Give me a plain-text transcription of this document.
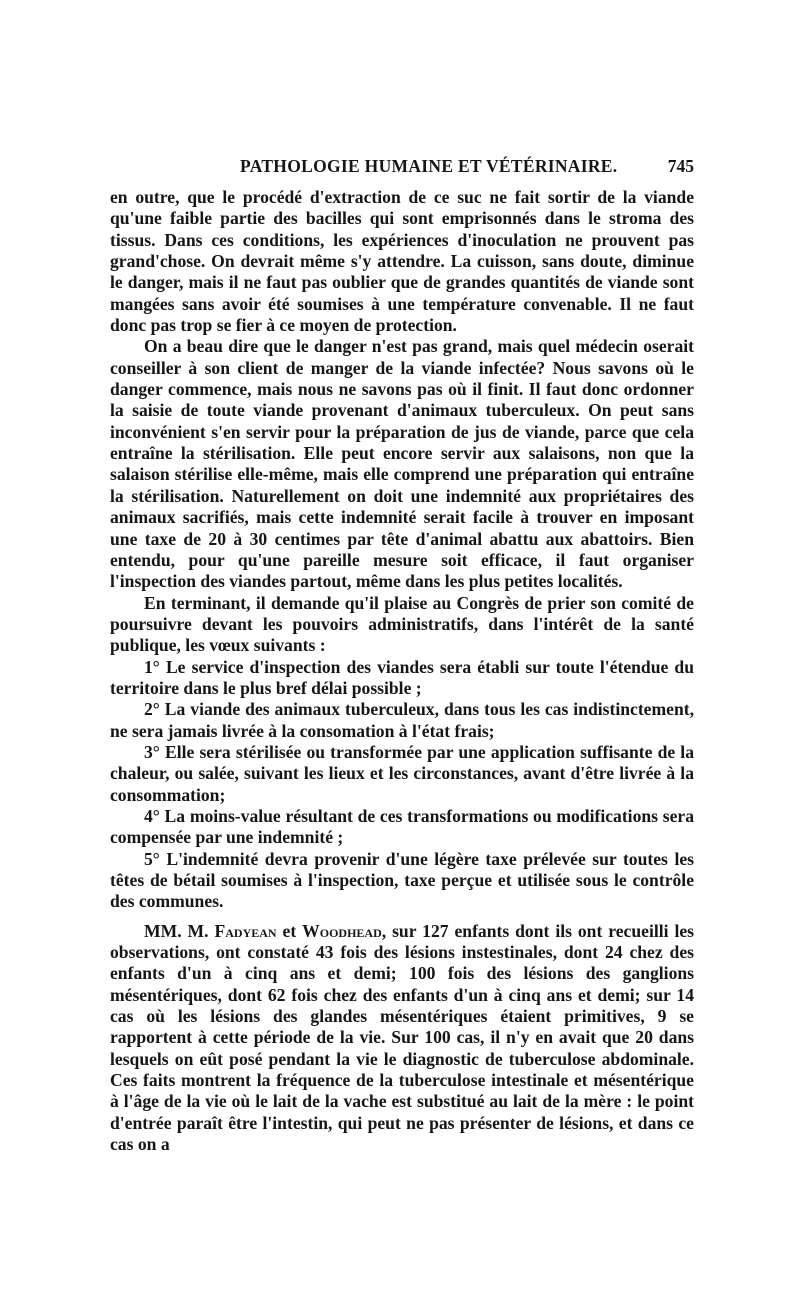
PATHOLOGIE HUMAINE ET VÉTÉRINAIRE.	745

en outre, que le procédé d'extraction de ce suc ne fait sortir de la viande qu'une faible partie des bacilles qui sont emprisonnés dans le stroma des tissus. Dans ces conditions, les expériences d'inoculation ne prouvent pas grand'chose. On devrait même s'y attendre. La cuisson, sans doute, diminue le danger, mais il ne faut pas oublier que de grandes quantités de viande sont mangées sans avoir été soumises à une température convenable. Il ne faut donc pas trop se fier à ce moyen de protection.

On a beau dire que le danger n'est pas grand, mais quel médecin oserait conseiller à son client de manger de la viande infectée? Nous savons où le danger commence, mais nous ne savons pas où il finit. Il faut donc ordonner la saisie de toute viande provenant d'animaux tuberculeux. On peut sans inconvénient s'en servir pour la préparation de jus de viande, parce que cela entraîne la stérilisation. Elle peut encore servir aux salaisons, non que la salaison stérilise elle-même, mais elle comprend une préparation qui entraîne la stérilisation. Naturellement on doit une indemnité aux propriétaires des animaux sacrifiés, mais cette indemnité serait facile à trouver en imposant une taxe de 20 à 30 centimes par tête d'animal abattu aux abattoirs. Bien entendu, pour qu'une pareille mesure soit efficace, il faut organiser l'inspection des viandes partout, même dans les plus petites localités.

En terminant, il demande qu'il plaise au Congrès de prier son comité de poursuivre devant les pouvoirs administratifs, dans l'intérêt de la santé publique, les vœux suivants :

1° Le service d'inspection des viandes sera établi sur toute l'étendue du territoire dans le plus bref délai possible ;

2° La viande des animaux tuberculeux, dans tous les cas indistinctement, ne sera jamais livrée à la consomation à l'état frais;

3° Elle sera stérilisée ou transformée par une application suffisante de la chaleur, ou salée, suivant les lieux et les circonstances, avant d'être livrée à la consommation;

4° La moins-value résultant de ces transformations ou modifications sera compensée par une indemnité ;

5° L'indemnité devra provenir d'une légère taxe prélevée sur toutes les têtes de bétail soumises à l'inspection, taxe perçue et utilisée sous le contrôle des communes.

MM. M. Fadyean et Woodhead, sur 127 enfants dont ils ont recueilli les observations, ont constaté 43 fois des lésions instestinales, dont 24 chez des enfants d'un à cinq ans et demi; 100 fois des lésions des ganglions mésentériques, dont 62 fois chez des enfants d'un à cinq ans et demi; sur 14 cas où les lésions des glandes mésentériques étaient primitives, 9 se rapportent à cette période de la vie. Sur 100 cas, il n'y en avait que 20 dans lesquels on eût posé pendant la vie le diagnostic de tuberculose abdominale. Ces faits montrent la fréquence de la tuberculose intestinale et mésentérique à l'âge de la vie où le lait de la vache est substitué au lait de la mère : le point d'entrée paraît être l'intestin, qui peut ne pas présenter de lésions, et dans ce cas on a
